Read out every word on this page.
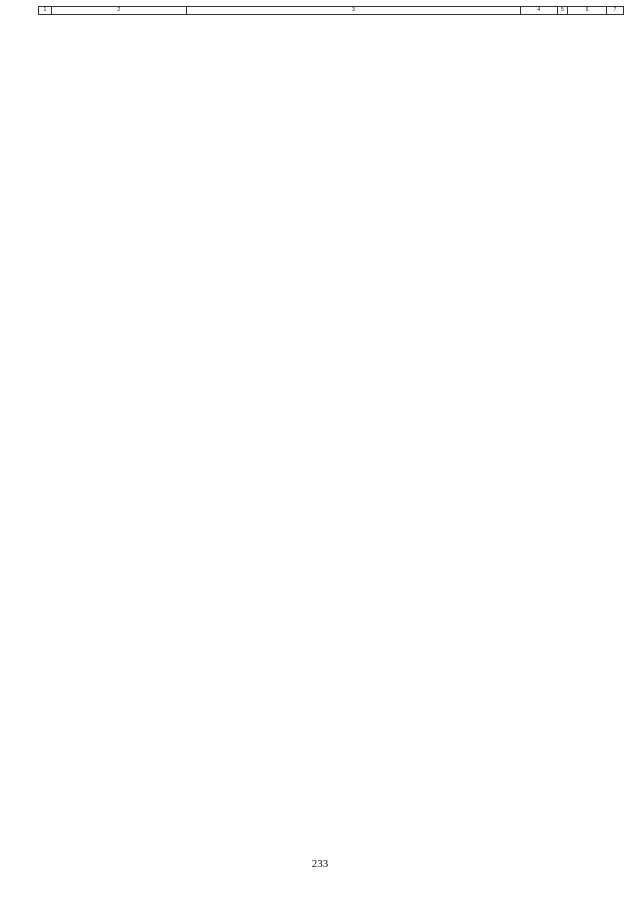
1	2	3	4	5	6	7
233
